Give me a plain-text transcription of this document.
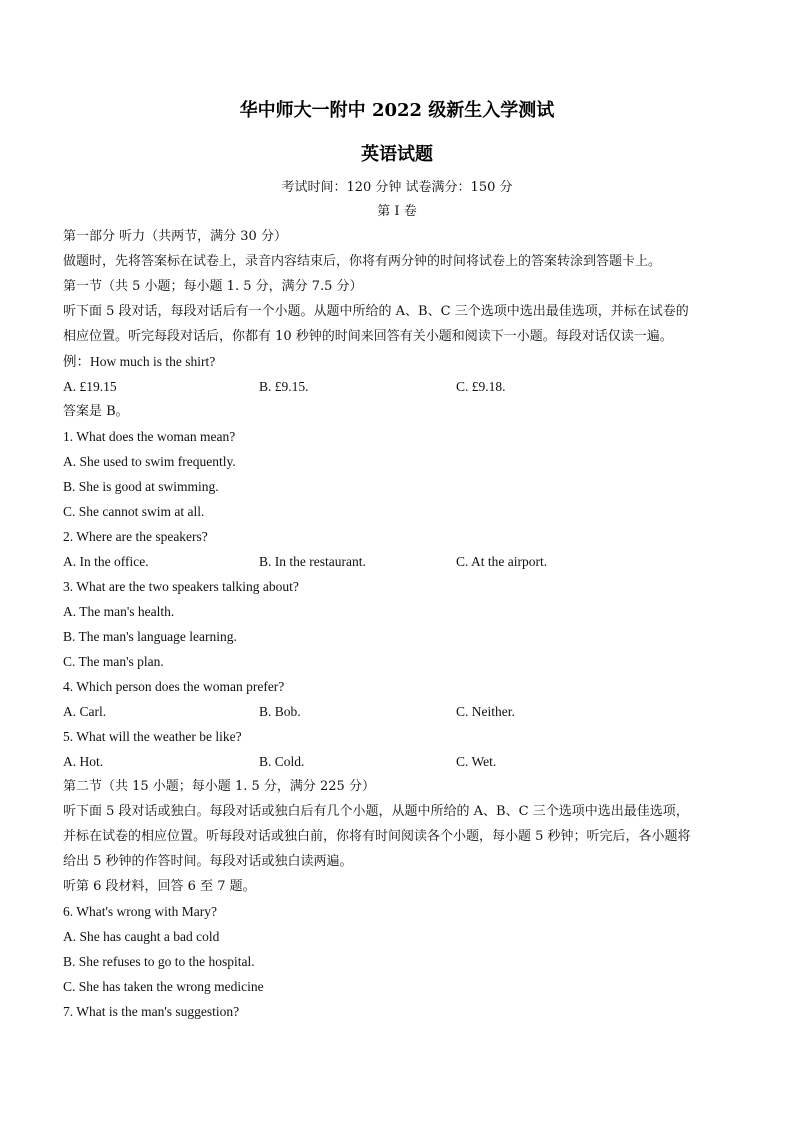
华中师大一附中 2022 级新生入学测试
英语试题
考试时间：120 分钟 试卷满分：150 分
第 I 卷
第一部分 听力（共两节，满分 30 分）
做题时，先将答案标在试卷上，录音内容结束后，你将有两分钟的时间将试卷上的答案转涂到答题卡上。
第一节（共 5 小题；每小题 1. 5 分，满分 7.5 分）
听下面 5 段对话，每段对话后有一个小题。从题中所给的 A、B、C 三个选项中选出最佳选项，并标在试卷的
相应位置。听完每段对话后，你都有 10 秒钟的时间来回答有关小题和阅读下一小题。每段对话仅读一遍。
例：How much is the shirt?
A. £19.15	B. £9.15.	C. £9.18.
答案是 B。
1. What does the woman mean?
A. She used to swim frequently.
B. She is good at swimming.
C. She cannot swim at all.
2. Where are the speakers?
A. In the office.	B. In the restaurant.	C. At the airport.
3. What are the two speakers talking about?
A. The man's health.
B. The man's language learning.
C. The man's plan.
4. Which person does the woman prefer?
A. Carl.	B. Bob.	C. Neither.
5. What will the weather be like?
A. Hot.	B. Cold.	C. Wet.
第二节（共 15 小题；每小题 1. 5 分，满分 225 分）
听下面 5 段对话或独白。每段对话或独白后有几个小题，从题中所给的 A、B、C 三个选项中选出最佳选项，
并标在试卷的相应位置。听每段对话或独白前，你将有时间阅读各个小题，每小题 5 秒钟；听完后，各小题将
给出 5 秒钟的作答时间。每段对话或独白读两遍。
听第 6 段材料，回答 6 至 7 题。
6. What's wrong with Mary?
A. She has caught a bad cold
B. She refuses to go to the hospital.
C. She has taken the wrong medicine
7. What is the man's suggestion?
